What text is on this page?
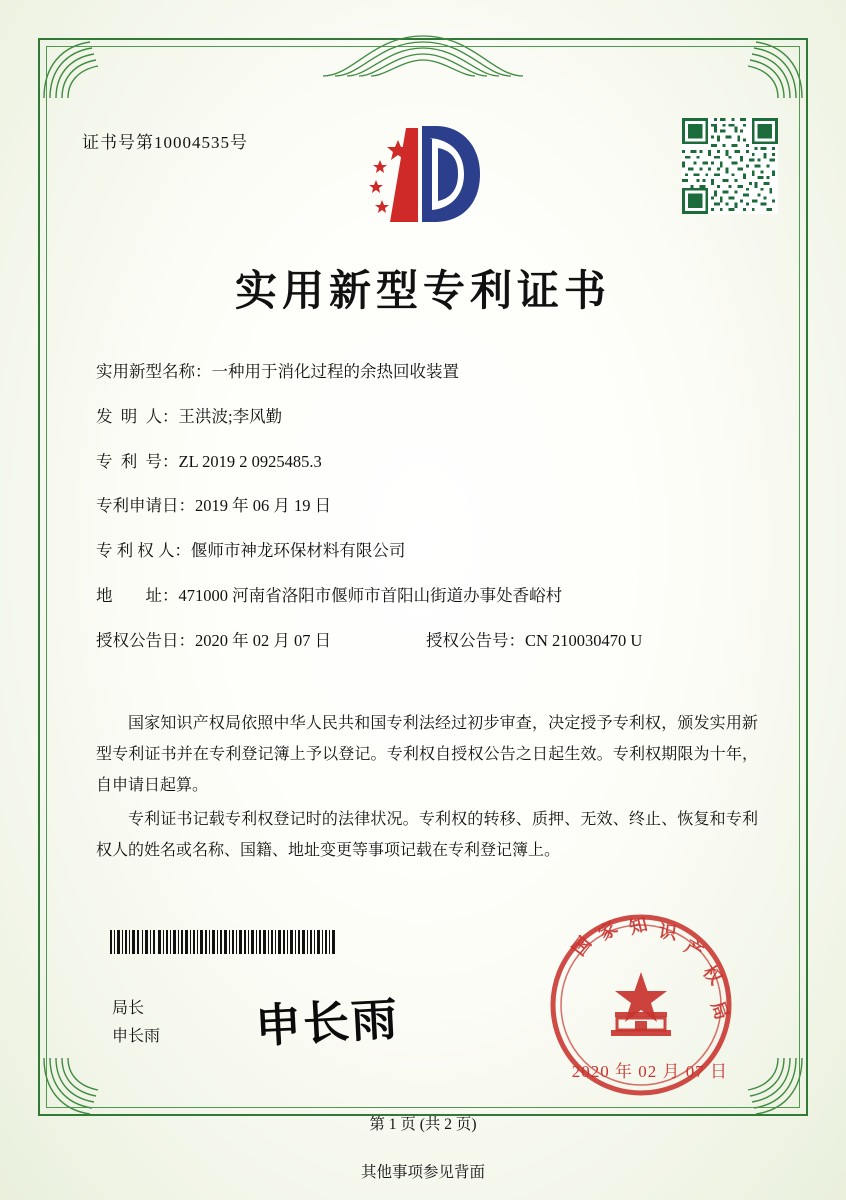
证书号第10004535号
实用新型专利证书
实用新型名称： 一种用于消化过程的余热回收装置
发  明  人： 王洪波;李风勤
专  利  号： ZL 2019 2 0925485.3
专利申请日： 2019 年 06 月 19 日
专 利 权 人： 偃师市神龙环保材料有限公司
地        址： 471000 河南省洛阳市偃师市首阳山街道办事处香峪村
授权公告日： 2020 年 02 月 07 日	授权公告号： CN 210030470 U

国家知识产权局依照中华人民共和国专利法经过初步审查，决定授予专利权，颁发实用新型专利证书并在专利登记簿上予以登记。专利权自授权公告之日起生效。专利权期限为十年，自申请日起算。

专利证书记载专利权登记时的法律状况。专利权的转移、质押、无效、终止、恢复和专利权人的姓名或名称、国籍、地址变更等事项记载在专利登记簿上。

局长
申长雨 申长雨
国
家 知 识
产
权
局
2020 年 02 月 07 日
第 1 页 (共 2 页)
其他事项参见背面
